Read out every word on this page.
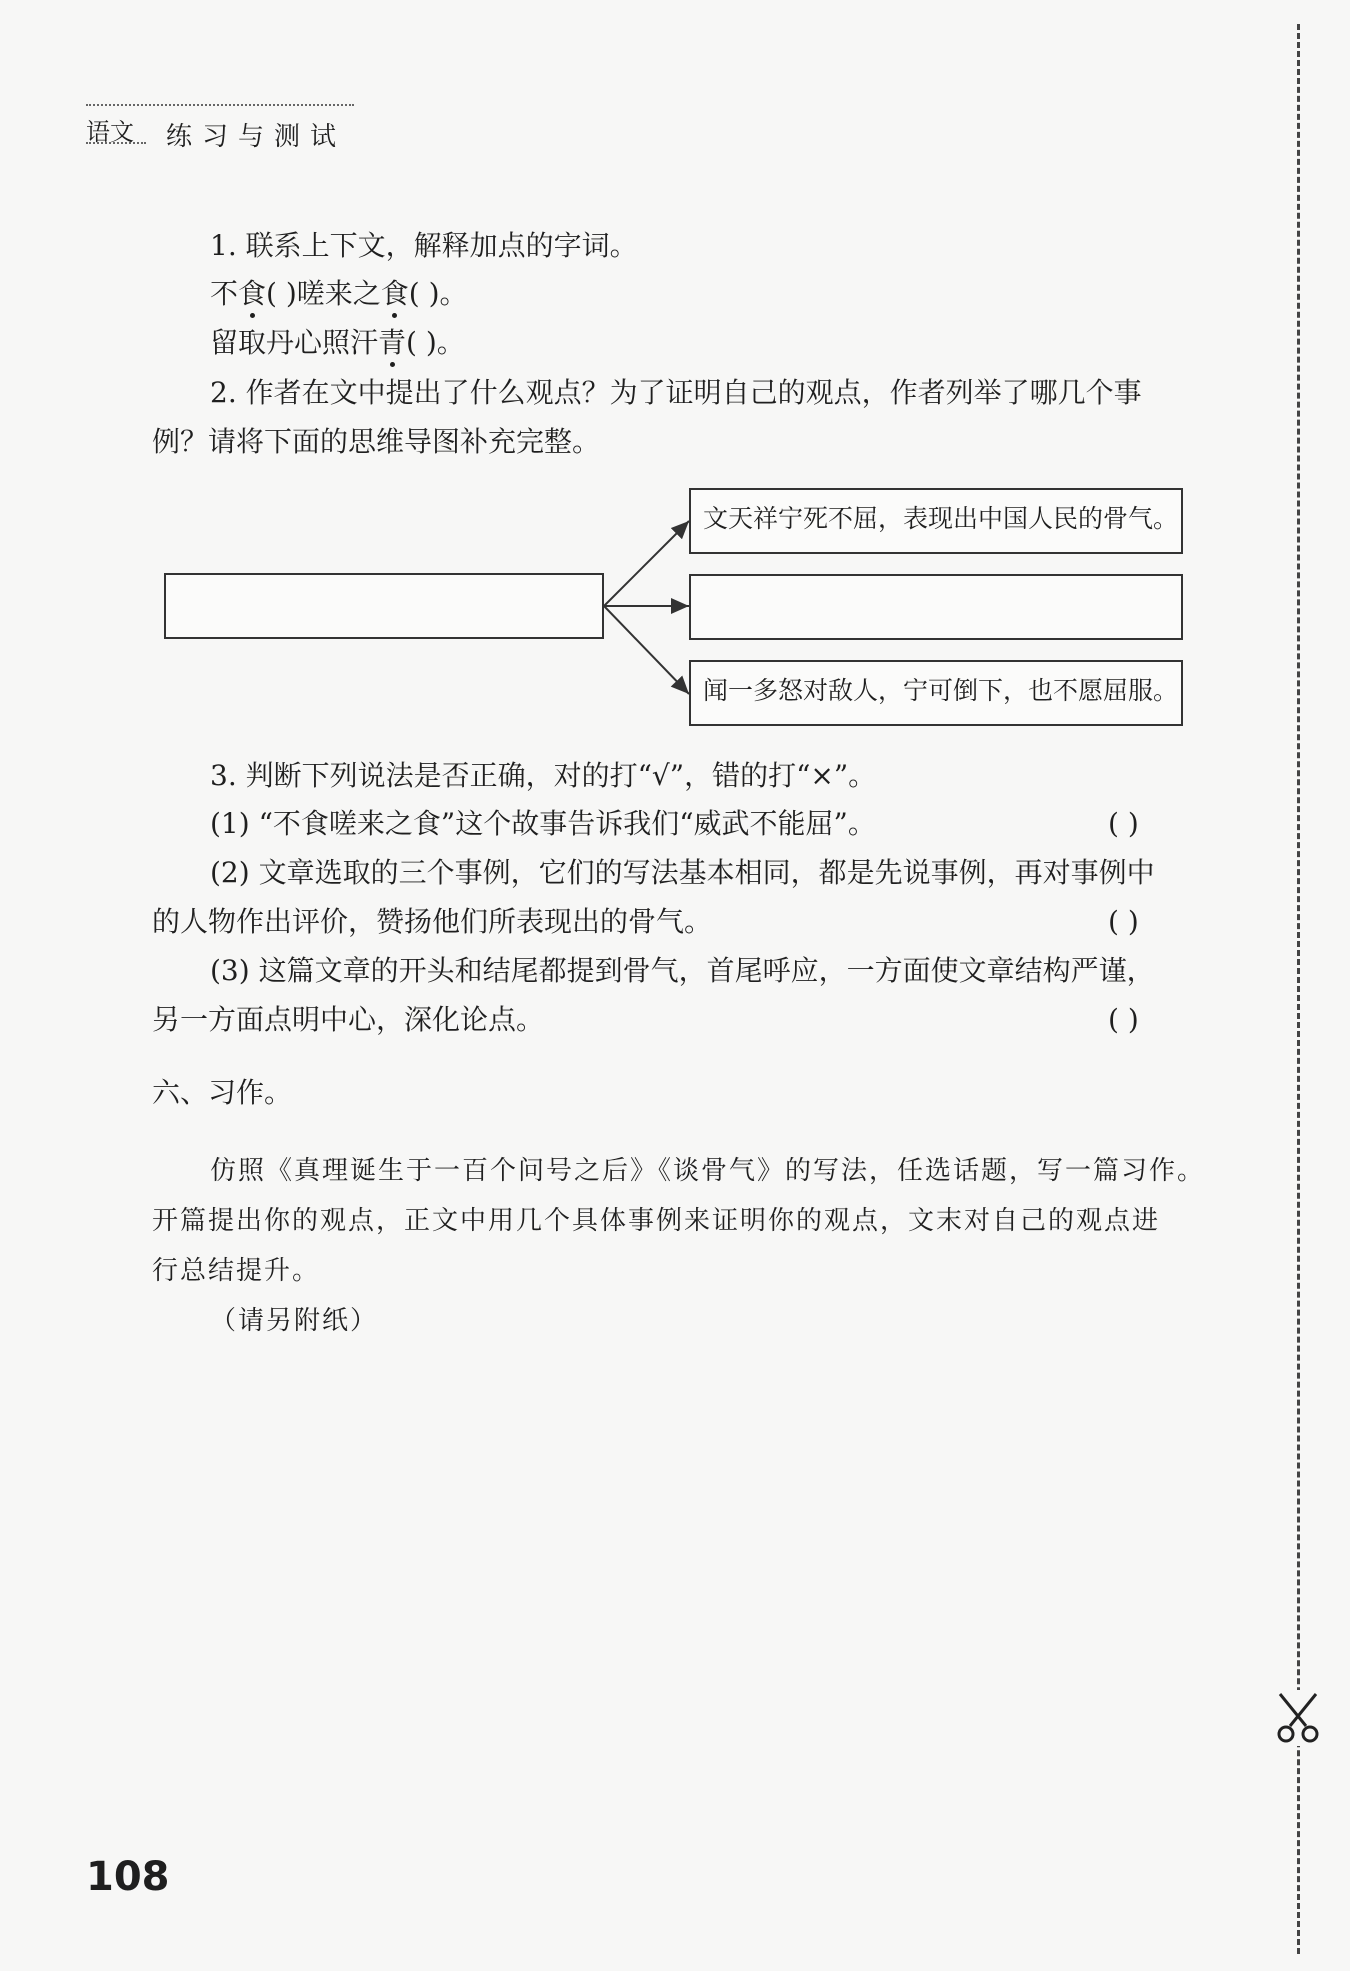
语文 练习与测试
1. 联系上下文，解释加点的字词。
不食( )嗟来之食( )。
留取丹心照汗青( )。
2. 作者在文中提出了什么观点？为了证明自己的观点，作者列举了哪几个事
例？请将下面的思维导图补充完整。
文天祥宁死不屈，表现出中国人民的骨气。
闻一多怒对敌人，宁可倒下，也不愿屈服。
3. 判断下列说法是否正确，对的打“√”，错的打“×”。
(1) “不食嗟来之食”这个故事告诉我们“威武不能屈”。	( )
(2) 文章选取的三个事例，它们的写法基本相同，都是先说事例，再对事例中
的人物作出评价，赞扬他们所表现出的骨气。	( )
(3) 这篇文章的开头和结尾都提到骨气，首尾呼应，一方面使文章结构严谨，
另一方面点明中心，深化论点。	( )
六、习作。
仿照《真理诞生于一百个问号之后》《谈骨气》的写法，任选话题，写一篇习作。
开篇提出你的观点，正文中用几个具体事例来证明你的观点，文末对自己的观点进
行总结提升。
（请另附纸）
108
